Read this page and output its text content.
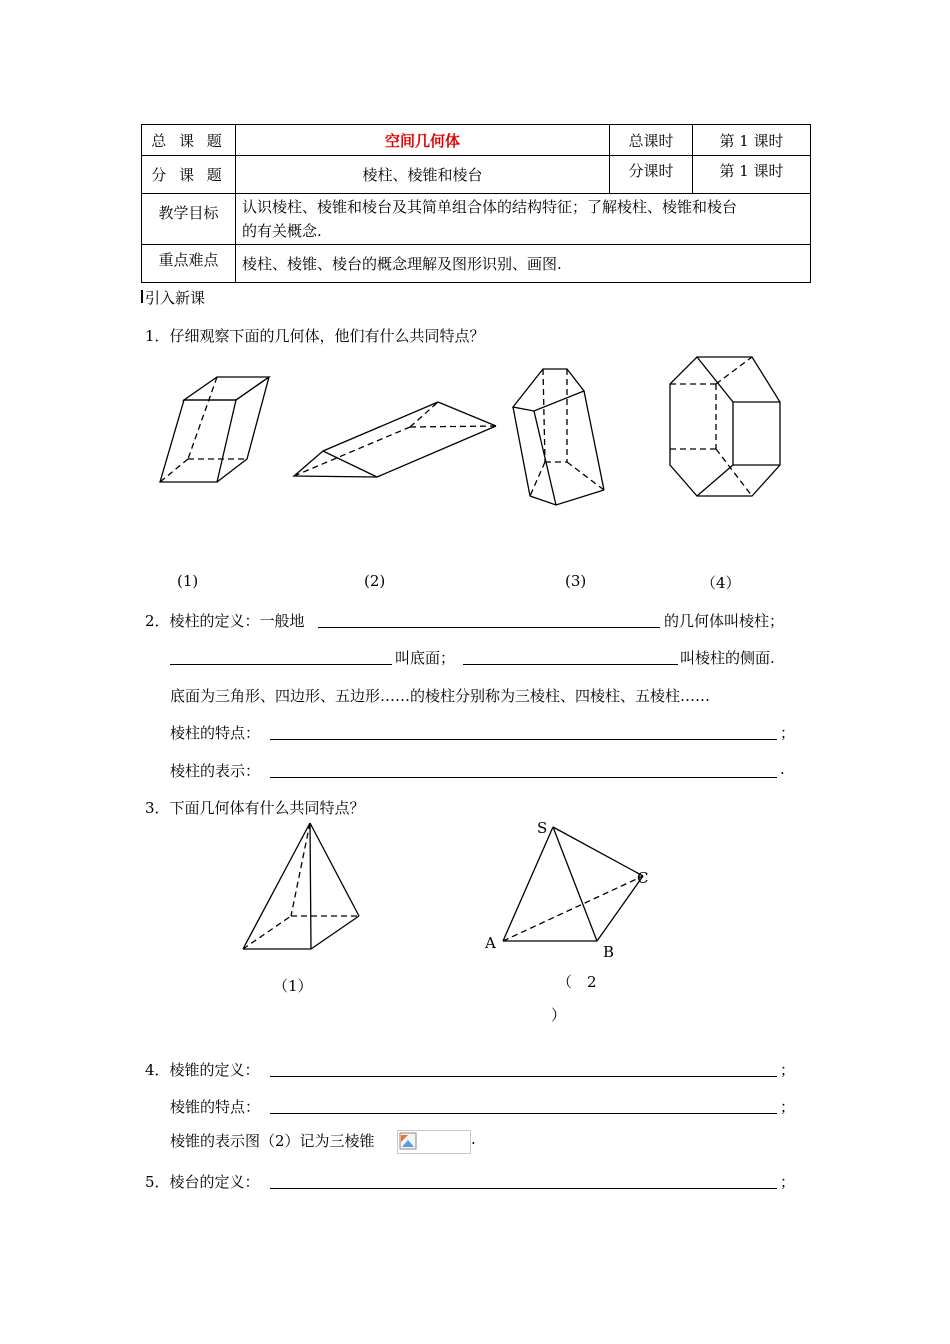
总 课 题	空间几何体	总课时	第 1 课时
分 课 题	棱柱、棱锥和棱台	分课时	第 1 课时
教学目标	认识棱柱、棱锥和棱台及其简单组合体的结构特征；了解棱柱、棱锥和棱台
的有关概念.		

重点难点	棱柱、棱锥、棱台的概念理解及图形识别、画图.		
引入新课
1．仔细观察下面的几何体，他们有什么共同特点？
(1)	(2)	(3)	（4）
2．棱柱的定义：一般地	的几何体叫棱柱；
叫底面；	叫棱柱的侧面.
底面为三角形、四边形、五边形……的棱柱分别称为三棱柱、四棱柱、五棱柱……
棱柱的特点：	；
棱柱的表示：	.
3．下面几何体有什么共同特点？
S
C
A	B
（1）	（　2
）
4．棱锥的定义：	；
棱锥的特点：	；
棱锥的表示图（2）记为三棱锥	.
5．棱台的定义：	；
